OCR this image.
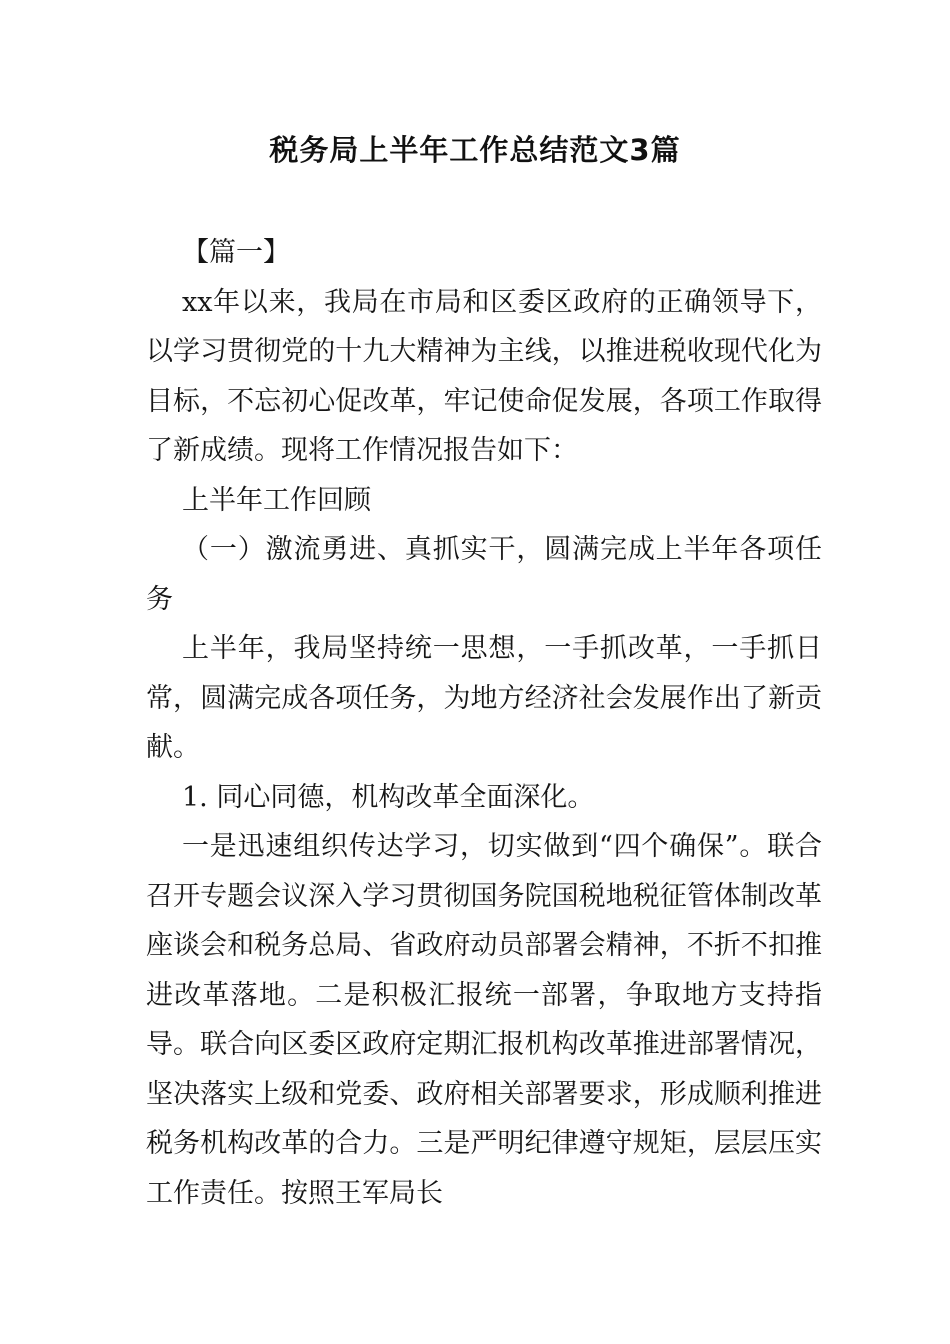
税务局上半年工作总结范文3篇

【篇一】

xx年以来，我局在市局和区委区政府的正确领导下，以学习贯彻党的十九大精神为主线，以推进税收现代化为目标，不忘初心促改革，牢记使命促发展，各项工作取得了新成绩。现将工作情况报告如下：

上半年工作回顾

（一）激流勇进、真抓实干，圆满完成上半年各项任务

上半年，我局坚持统一思想，一手抓改革，一手抓日常，圆满完成各项任务，为地方经济社会发展作出了新贡献。

1. 同心同德，机构改革全面深化。

一是迅速组织传达学习，切实做到“四个确保”。联合召开专题会议深入学习贯彻国务院国税地税征管体制改革座谈会和税务总局、省政府动员部署会精神，不折不扣推进改革落地。二是积极汇报统一部署，争取地方支持指导。联合向区委区政府定期汇报机构改革推进部署情况，坚决落实上级和党委、政府相关部署要求，形成顺利推进税务机构改革的合力。三是严明纪律遵守规矩，层层压实工作责任。按照王军局长
